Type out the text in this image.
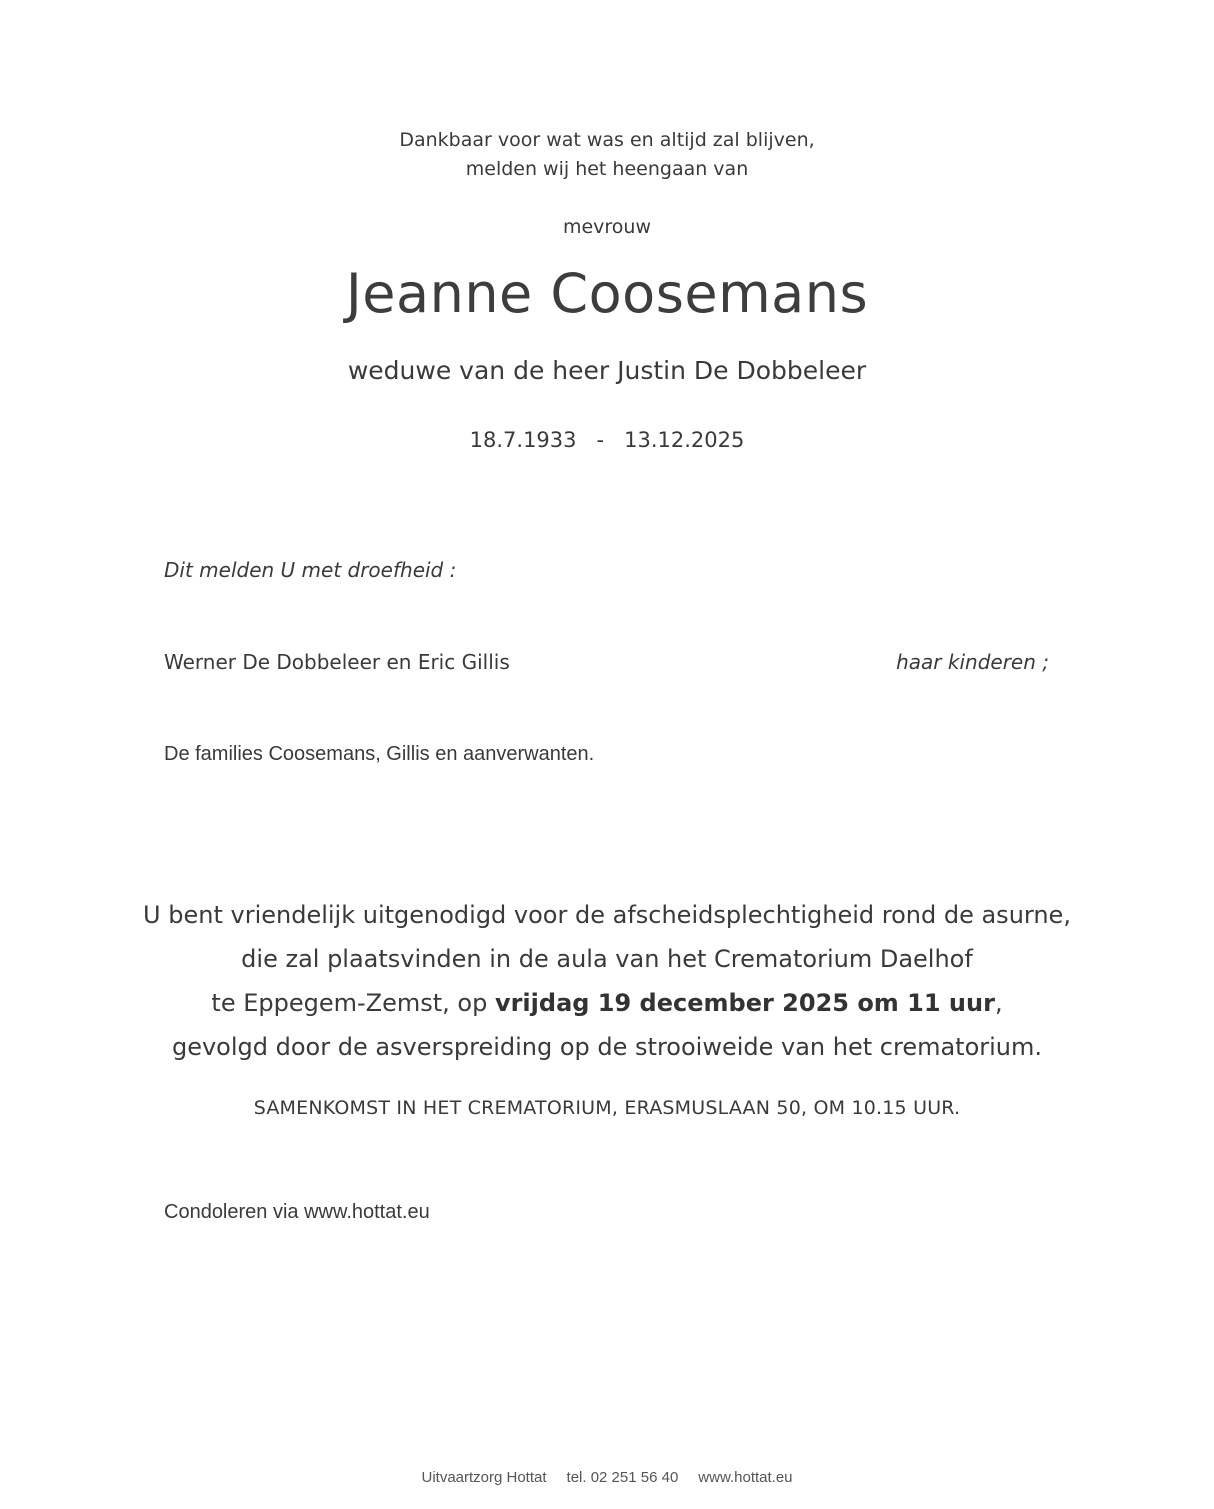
Dankbaar voor wat was en altijd zal blijven,
melden wij het heengaan van
mevrouw
Jeanne Coosemans
weduwe van de heer Justin De Dobbeleer
18.7.1933 - 13.12.2025
Dit melden U met droefheid :
Werner De Dobbeleer en Eric Gillis	haar kinderen ;
De families Coosemans, Gillis en aanverwanten.
U bent vriendelijk uitgenodigd voor de afscheidsplechtigheid rond de asurne,
die zal plaatsvinden in de aula van het Crematorium Daelhof
te Eppegem-Zemst, op vrijdag 19 december 2025 om 11 uur,
gevolgd door de asverspreiding op de strooiweide van het crematorium.
SAMENKOMST IN HET CREMATORIUM, ERASMUSLAAN 50, OM 10.15 UUR.
Condoleren via www.hottat.eu
Uitvaartzorg Hottat tel. 02 251 56 40 www.hottat.eu
